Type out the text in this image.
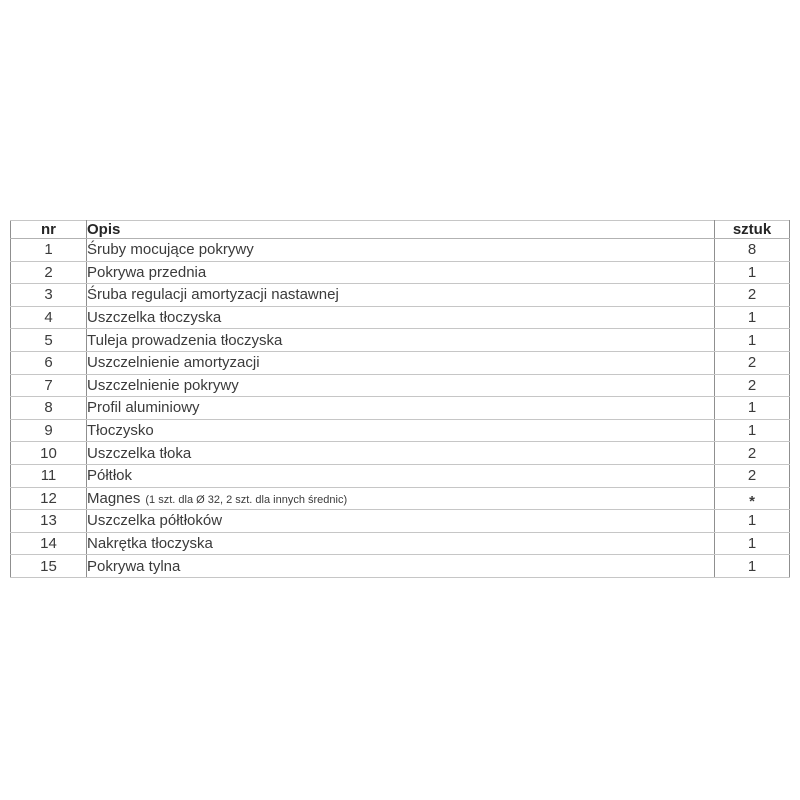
nr	Opis	sztuk
1	Śruby mocujące pokrywy	8
2	Pokrywa przednia	1
3	Śruba regulacji amortyzacji nastawnej	2
4	Uszczelka tłoczyska	1
5	Tuleja prowadzenia tłoczyska	1
6	Uszczelnienie amortyzacji	2
7	Uszczelnienie pokrywy	2
8	Profil aluminiowy	1
9	Tłoczysko	1
10	Uszczelka tłoka	2
11	Półtłok	2
12	Magnes (1 szt. dla Ø 32, 2 szt. dla innych średnic)	*
13	Uszczelka półtłoków	1
14	Nakrętka tłoczyska	1
15	Pokrywa tylna	1
